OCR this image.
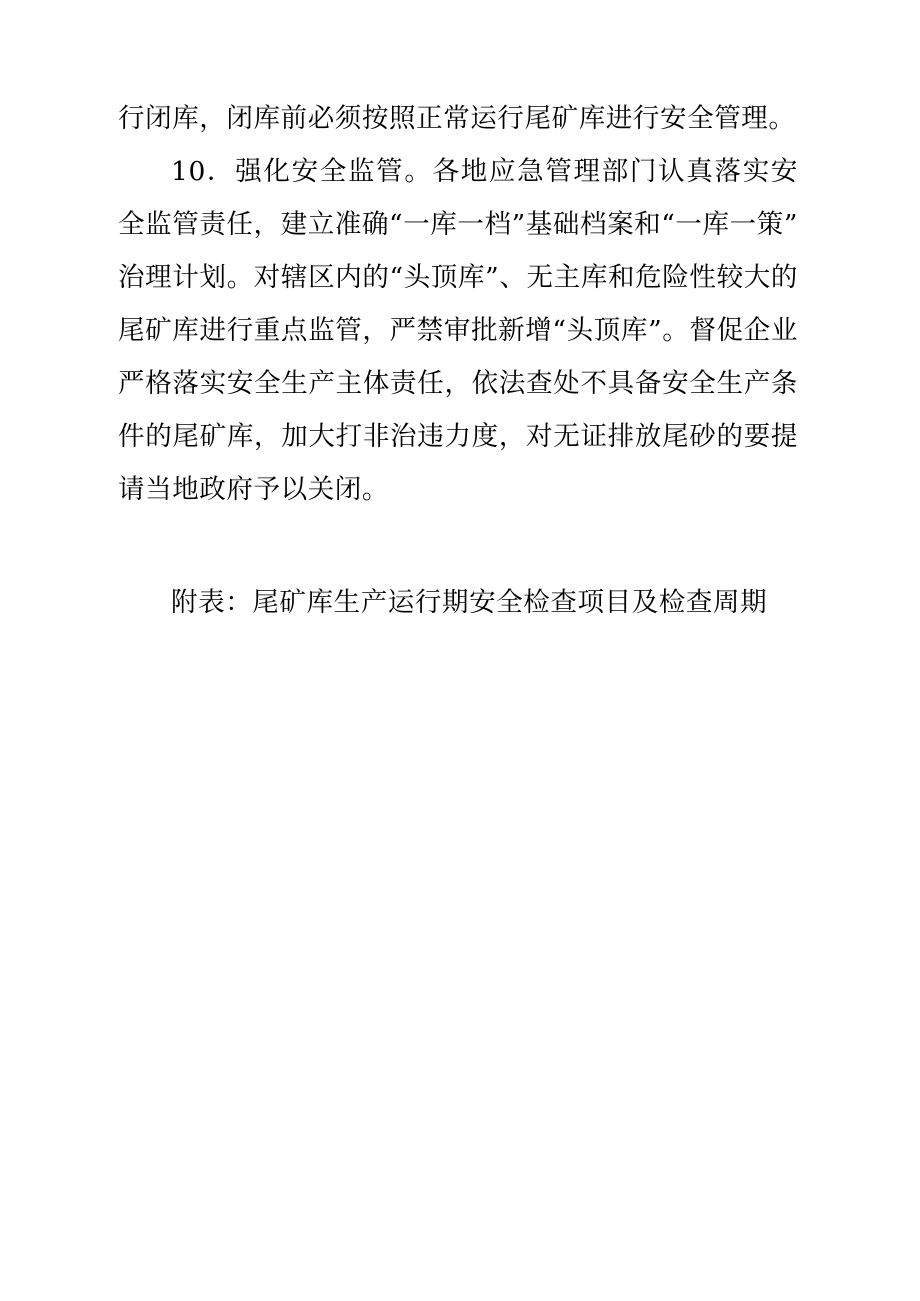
行闭库，闭库前必须按照正常运行尾矿库进行安全管理。

10．强化安全监管。各地应急管理部门认真落实安全监管责任，建立准确“一库一档”基础档案和“一库一策”治理计划。对辖区内的“头顶库”、无主库和危险性较大的尾矿库进行重点监管，严禁审批新增“头顶库”。督促企业严格落实安全生产主体责任，依法查处不具备安全生产条件的尾矿库，加大打非治违力度，对无证排放尾砂的要提请当地政府予以关闭。

附表：尾矿库生产运行期安全检查项目及检查周期
